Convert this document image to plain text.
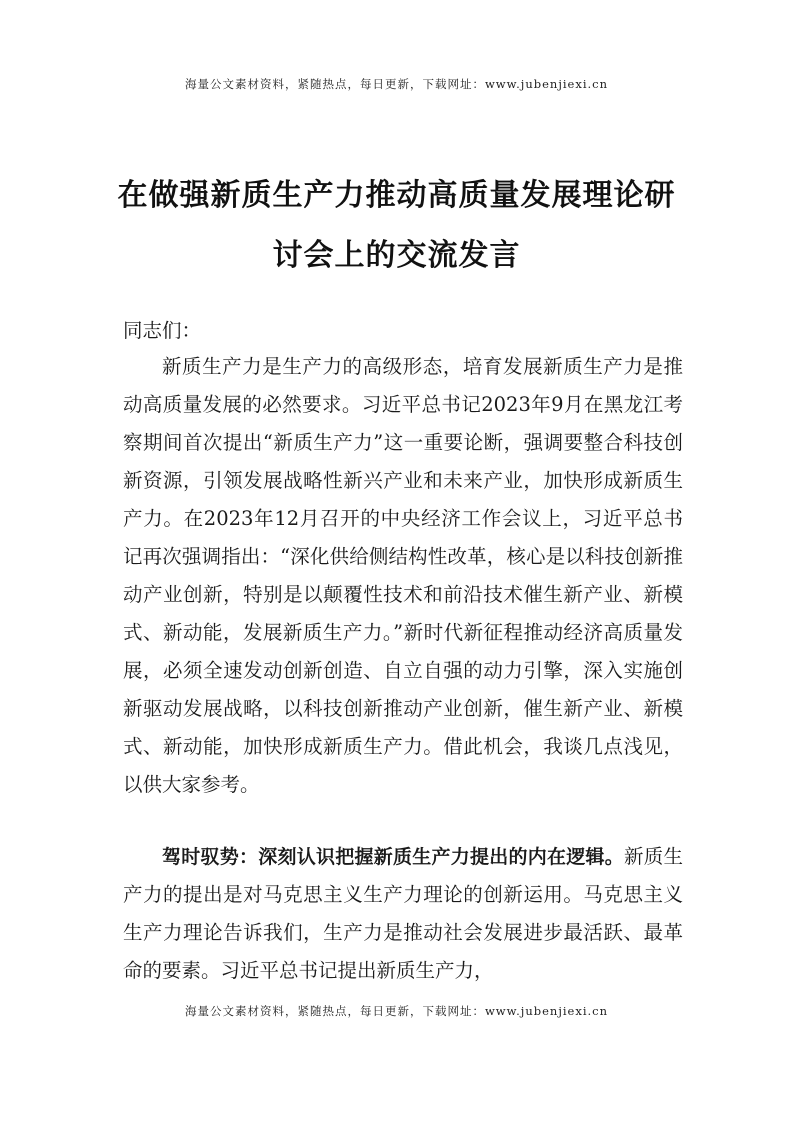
海量公文素材资料，紧随热点，每日更新，下载网址：www.jubenjiexi.cn
在做强新质生产力推动高质量发展理论研
讨会上的交流发言
同志们：

新质生产力是生产力的高级形态，培育发展新质生产力是推动高质量发展的必然要求。习近平总书记2023年9月在黑龙江考察期间首次提出“新质生产力”这一重要论断，强调要整合科技创新资源，引领发展战略性新兴产业和未来产业，加快形成新质生产力。在2023年12月召开的中央经济工作会议上，习近平总书记再次强调指出：“深化供给侧结构性改革，核心是以科技创新推动产业创新，特别是以颠覆性技术和前沿技术催生新产业、新模式、新动能，发展新质生产力。”新时代新征程推动经济高质量发展，必须全速发动创新创造、自立自强的动力引擎，深入实施创新驱动发展战略，以科技创新推动产业创新，催生新产业、新模式、新动能，加快形成新质生产力。借此机会，我谈几点浅见，以供大家参考。

驾时驭势：深刻认识把握新质生产力提出的内在逻辑。新质生产力的提出是对马克思主义生产力理论的创新运用。马克思主义生产力理论告诉我们，生产力是推动社会发展进步最活跃、最革命的要素。习近平总书记提出新质生产力，

海量公文素材资料，紧随热点，每日更新，下载网址：www.jubenjiexi.cn
